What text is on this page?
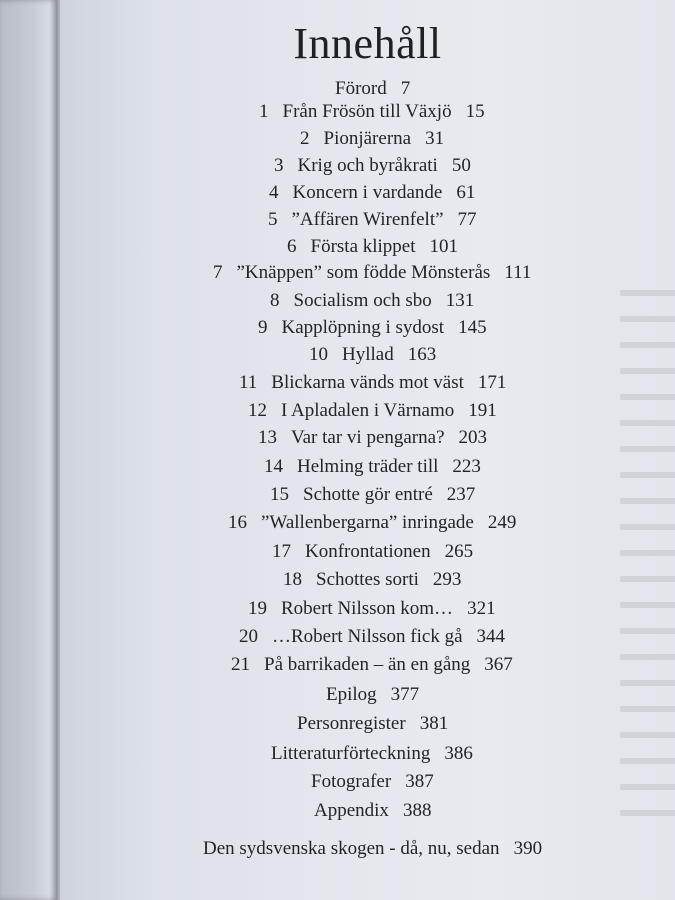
Innehåll
Förord 7
1 Från Frösön till Växjö 15
2 Pionjärerna 31
3 Krig och byråkrati 50
4 Koncern i vardande 61
5 ”Affären Wirenfelt” 77
6 Första klippet 101
7 ”Knäppen” som födde Mönsterås 111
8 Socialism och sbo 131
9 Kapplöpning i sydost 145
10 Hyllad 163
11 Blickarna vänds mot väst 171
12 I Apladalen i Värnamo 191
13 Var tar vi pengarna? 203
14 Helming träder till 223
15 Schotte gör entré 237
16 ”Wallenbergarna” inringade 249
17 Konfrontationen 265
18 Schottes sorti 293
19 Robert Nilsson kom… 321
20 …Robert Nilsson fick gå 344
21 På barrikaden – än en gång 367
Epilog 377
Personregister 381
Litteraturförteckning 386
Fotografer 387
Appendix 388
Den sydsvenska skogen - då, nu, sedan 390
